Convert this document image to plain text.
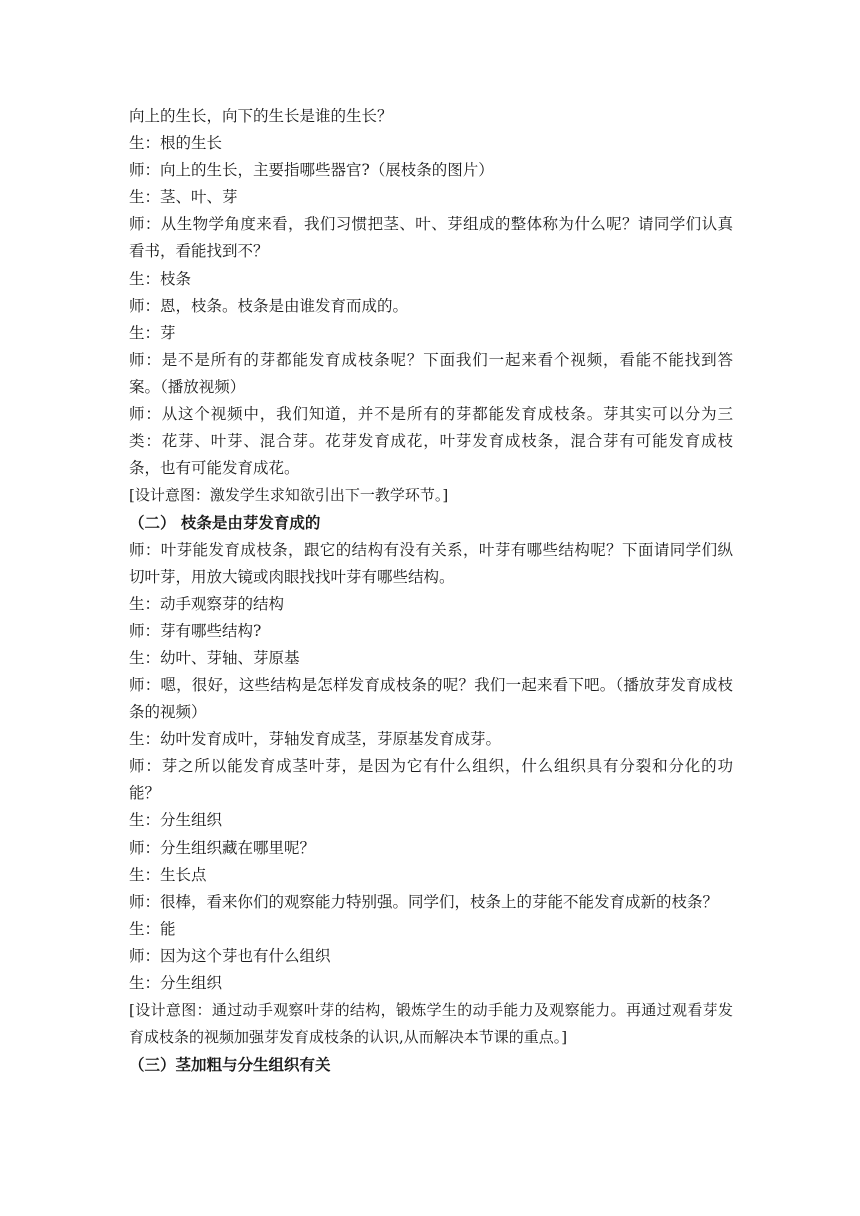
向上的生长，向下的生长是谁的生长？

生：根的生长

师：向上的生长，主要指哪些器官?（展枝条的图片）

生：茎、叶、芽

师：从生物学角度来看，我们习惯把茎、叶、芽组成的整体称为什么呢？请同学们认真看书，看能找到不？

生：枝条

师：恩，枝条。枝条是由谁发育而成的。

生：芽

师：是不是所有的芽都能发育成枝条呢？下面我们一起来看个视频，看能不能找到答案。（播放视频）

师：从这个视频中，我们知道，并不是所有的芽都能发育成枝条。芽其实可以分为三类：花芽、叶芽、混合芽。花芽发育成花，叶芽发育成枝条，混合芽有可能发育成枝条，也有可能发育成花。

[设计意图：激发学生求知欲引出下一教学环节。]

（二） 枝条是由芽发育成的

师：叶芽能发育成枝条，跟它的结构有没有关系，叶芽有哪些结构呢？下面请同学们纵切叶芽，用放大镜或肉眼找找叶芽有哪些结构。

生：动手观察芽的结构

师：芽有哪些结构?

生：幼叶、芽轴、芽原基

师：嗯，很好，这些结构是怎样发育成枝条的呢？我们一起来看下吧。（播放芽发育成枝条的视频）

生：幼叶发育成叶，芽轴发育成茎，芽原基发育成芽。

师：芽之所以能发育成茎叶芽，是因为它有什么组织，什么组织具有分裂和分化的功能？

生：分生组织

师：分生组织藏在哪里呢？

生：生长点

师：很棒，看来你们的观察能力特别强。同学们，枝条上的芽能不能发育成新的枝条？

生：能

师：因为这个芽也有什么组织

生：分生组织

[设计意图：通过动手观察叶芽的结构，锻炼学生的动手能力及观察能力。再通过观看芽发育成枝条的视频加强芽发育成枝条的认识,从而解决本节课的重点。]

（三）茎加粗与分生组织有关
